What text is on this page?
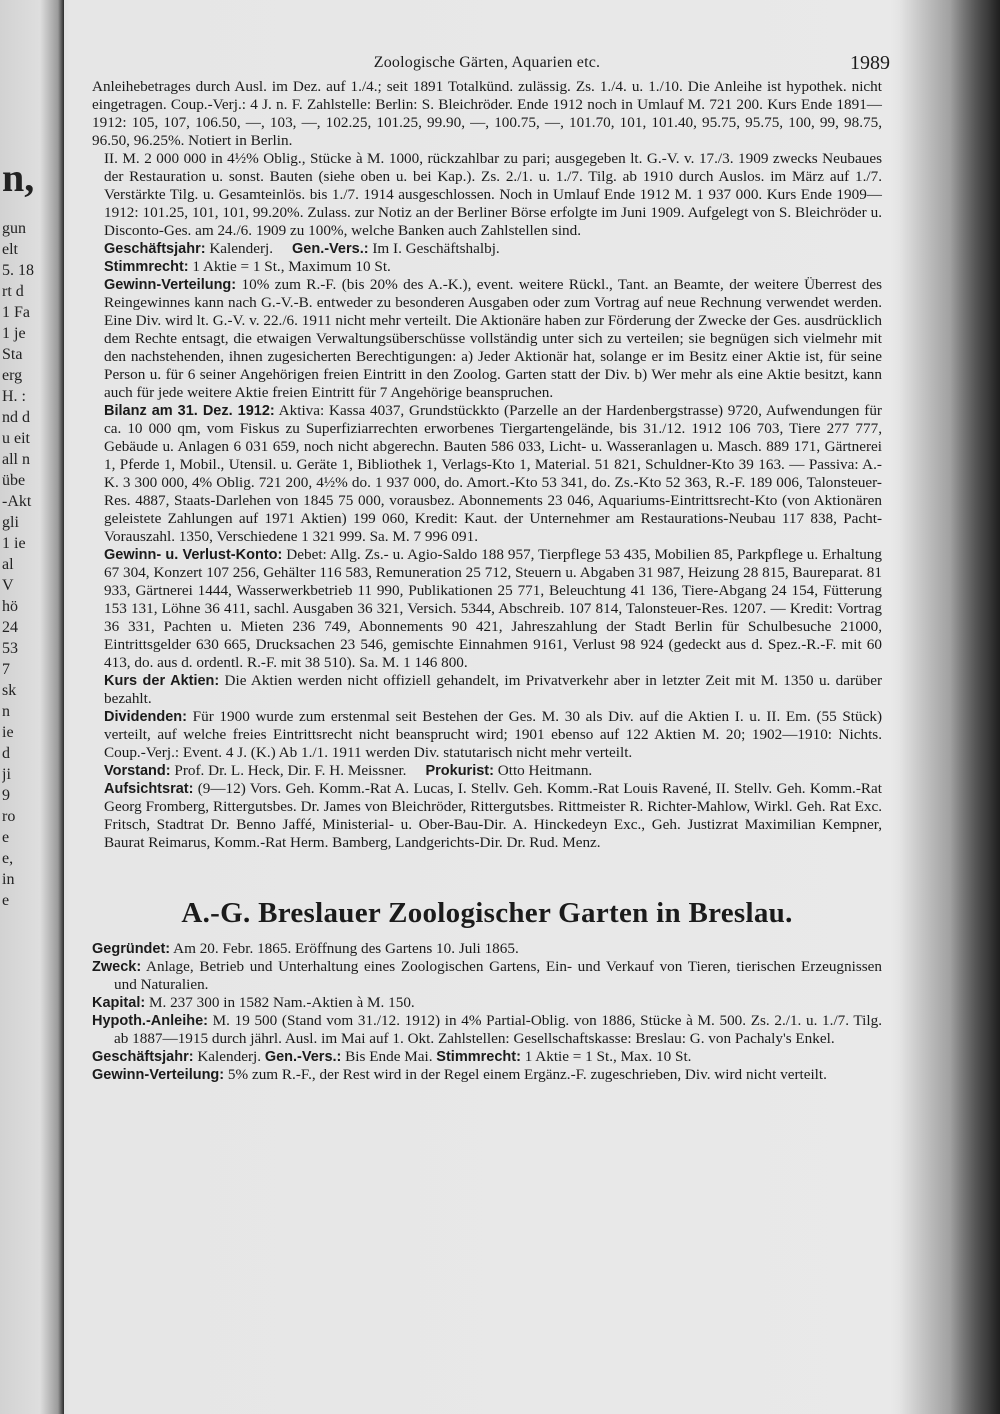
n,
gun
elt
5. 18
rt d
1 Fa
1 je
Sta
erg
H. :
nd d
u eit
all n
übe
-Akt
gli
1 ie
al
V
hö
24
53
7
sk
n
ie
d
ji
9
ro
e
e,
in
e

Zoologische Gärten, Aquarien etc.	1989

Anleihebetrages durch Ausl. im Dez. auf 1./4.; seit 1891 Totalkünd. zulässig. Zs. 1./4. u. 1./10. Die Anleihe ist hypothek. nicht eingetragen. Coup.-Verj.: 4 J. n. F. Zahlstelle: Berlin: S. Bleichröder. Ende 1912 noch in Umlauf M. 721 200. Kurs Ende 1891—1912: 105, 107, 106.50, —, 103, —, 102.25, 101.25, 99.90, —, 100.75, —, 101.70, 101, 101.40, 95.75, 95.75, 100, 99, 98.75, 96.50, 96.25%. Notiert in Berlin.

II. M. 2 000 000 in 4½% Oblig., Stücke à M. 1000, rückzahlbar zu pari; ausgegeben lt. G.-V. v. 17./3. 1909 zwecks Neubaues der Restauration u. sonst. Bauten (siehe oben u. bei Kap.). Zs. 2./1. u. 1./7. Tilg. ab 1910 durch Auslos. im März auf 1./7. Verstärkte Tilg. u. Gesamteinlös. bis 1./7. 1914 ausgeschlossen. Noch in Umlauf Ende 1912 M. 1 937 000. Kurs Ende 1909—1912: 101.25, 101, 101, 99.20%. Zulass. zur Notiz an der Berliner Börse erfolgte im Juni 1909. Aufgelegt von S. Bleichröder u. Disconto-Ges. am 24./6. 1909 zu 100%, welche Banken auch Zahlstellen sind.

Geschäftsjahr: Kalenderj. Gen.-Vers.: Im I. Geschäftshalbj.

Stimmrecht: 1 Aktie = 1 St., Maximum 10 St.

Gewinn-Verteilung: 10% zum R.-F. (bis 20% des A.-K.), event. weitere Rückl., Tant. an Beamte, der weitere Überrest des Reingewinnes kann nach G.-V.-B. entweder zu besonderen Ausgaben oder zum Vortrag auf neue Rechnung verwendet werden. Eine Div. wird lt. G.-V. v. 22./6. 1911 nicht mehr verteilt. Die Aktionäre haben zur Förderung der Zwecke der Ges. ausdrücklich dem Rechte entsagt, die etwaigen Verwaltungsüberschüsse vollständig unter sich zu verteilen; sie begnügen sich vielmehr mit den nachstehenden, ihnen zugesicherten Berechtigungen: a) Jeder Aktionär hat, solange er im Besitz einer Aktie ist, für seine Person u. für 6 seiner Angehörigen freien Eintritt in den Zoolog. Garten statt der Div. b) Wer mehr als eine Aktie besitzt, kann auch für jede weitere Aktie freien Eintritt für 7 Angehörige beanspruchen.

Bilanz am 31. Dez. 1912: Aktiva: Kassa 4037, Grundstückkto (Parzelle an der Hardenbergstrasse) 9720, Aufwendungen für ca. 10 000 qm, vom Fiskus zu Superfiziarrechten erworbenes Tiergartengelände, bis 31./12. 1912 106 703, Tiere 277 777, Gebäude u. Anlagen 6 031 659, noch nicht abgerechn. Bauten 586 033, Licht- u. Wasseranlagen u. Masch. 889 171, Gärtnerei 1, Pferde 1, Mobil., Utensil. u. Geräte 1, Bibliothek 1, Verlags-Kto 1, Material. 51 821, Schuldner-Kto 39 163. — Passiva: A.-K. 3 300 000, 4% Oblig. 721 200, 4½% do. 1 937 000, do. Amort.-Kto 53 341, do. Zs.-Kto 52 363, R.-F. 189 006, Talonsteuer-Res. 4887, Staats-Darlehen von 1845 75 000, vorausbez. Abonnements 23 046, Aquariums-Eintrittsrecht-Kto (von Aktionären geleistete Zahlungen auf 1971 Aktien) 199 060, Kredit: Kaut. der Unternehmer am Restaurations-Neubau 117 838, Pacht-Vorauszahl. 1350, Verschiedene 1 321 999. Sa. M. 7 996 091.

Gewinn- u. Verlust-Konto: Debet: Allg. Zs.- u. Agio-Saldo 188 957, Tierpflege 53 435, Mobilien 85, Parkpflege u. Erhaltung 67 304, Konzert 107 256, Gehälter 116 583, Remuneration 25 712, Steuern u. Abgaben 31 987, Heizung 28 815, Baureparat. 81 933, Gärtnerei 1444, Wasserwerkbetrieb 11 990, Publikationen 25 771, Beleuchtung 41 136, Tiere-Abgang 24 154, Fütterung 153 131, Löhne 36 411, sachl. Ausgaben 36 321, Versich. 5344, Abschreib. 107 814, Talonsteuer-Res. 1207. — Kredit: Vortrag 36 331, Pachten u. Mieten 236 749, Abonnements 90 421, Jahreszahlung der Stadt Berlin für Schulbesuche 21000, Eintrittsgelder 630 665, Drucksachen 23 546, gemischte Einnahmen 9161, Verlust 98 924 (gedeckt aus d. Spez.-R.-F. mit 60 413, do. aus d. ordentl. R.-F. mit 38 510). Sa. M. 1 146 800.

Kurs der Aktien: Die Aktien werden nicht offiziell gehandelt, im Privatverkehr aber in letzter Zeit mit M. 1350 u. darüber bezahlt.

Dividenden: Für 1900 wurde zum erstenmal seit Bestehen der Ges. M. 30 als Div. auf die Aktien I. u. II. Em. (55 Stück) verteilt, auf welche freies Eintrittsrecht nicht beansprucht wird; 1901 ebenso auf 122 Aktien M. 20; 1902—1910: Nichts. Coup.-Verj.: Event. 4 J. (K.) Ab 1./1. 1911 werden Div. statutarisch nicht mehr verteilt.

Vorstand: Prof. Dr. L. Heck, Dir. F. H. Meissner. Prokurist: Otto Heitmann.

Aufsichtsrat: (9—12) Vors. Geh. Komm.-Rat A. Lucas, I. Stellv. Geh. Komm.-Rat Louis Ravené, II. Stellv. Geh. Komm.-Rat Georg Fromberg, Rittergutsbes. Dr. James von Bleichröder, Rittergutsbes. Rittmeister R. Richter-Mahlow, Wirkl. Geh. Rat Exc. Fritsch, Stadtrat Dr. Benno Jaffé, Ministerial- u. Ober-Bau-Dir. A. Hinckedeyn Exc., Geh. Justizrat Maximilian Kempner, Baurat Reimarus, Komm.-Rat Herm. Bamberg, Landgerichts-Dir. Dr. Rud. Menz.

A.-G. Breslauer Zoologischer Garten in Breslau.

Gegründet: Am 20. Febr. 1865. Eröffnung des Gartens 10. Juli 1865.

Zweck: Anlage, Betrieb und Unterhaltung eines Zoologischen Gartens, Ein- und Verkauf von Tieren, tierischen Erzeugnissen und Naturalien.

Kapital: M. 237 300 in 1582 Nam.-Aktien à M. 150.

Hypoth.-Anleihe: M. 19 500 (Stand vom 31./12. 1912) in 4% Partial-Oblig. von 1886, Stücke à M. 500. Zs. 2./1. u. 1./7. Tilg. ab 1887—1915 durch jährl. Ausl. im Mai auf 1. Okt. Zahlstellen: Gesellschaftskasse: Breslau: G. von Pachaly's Enkel.

Geschäftsjahr: Kalenderj. Gen.-Vers.: Bis Ende Mai. Stimmrecht: 1 Aktie = 1 St., Max. 10 St.

Gewinn-Verteilung: 5% zum R.-F., der Rest wird in der Regel einem Ergänz.-F. zugeschrieben, Div. wird nicht verteilt.
